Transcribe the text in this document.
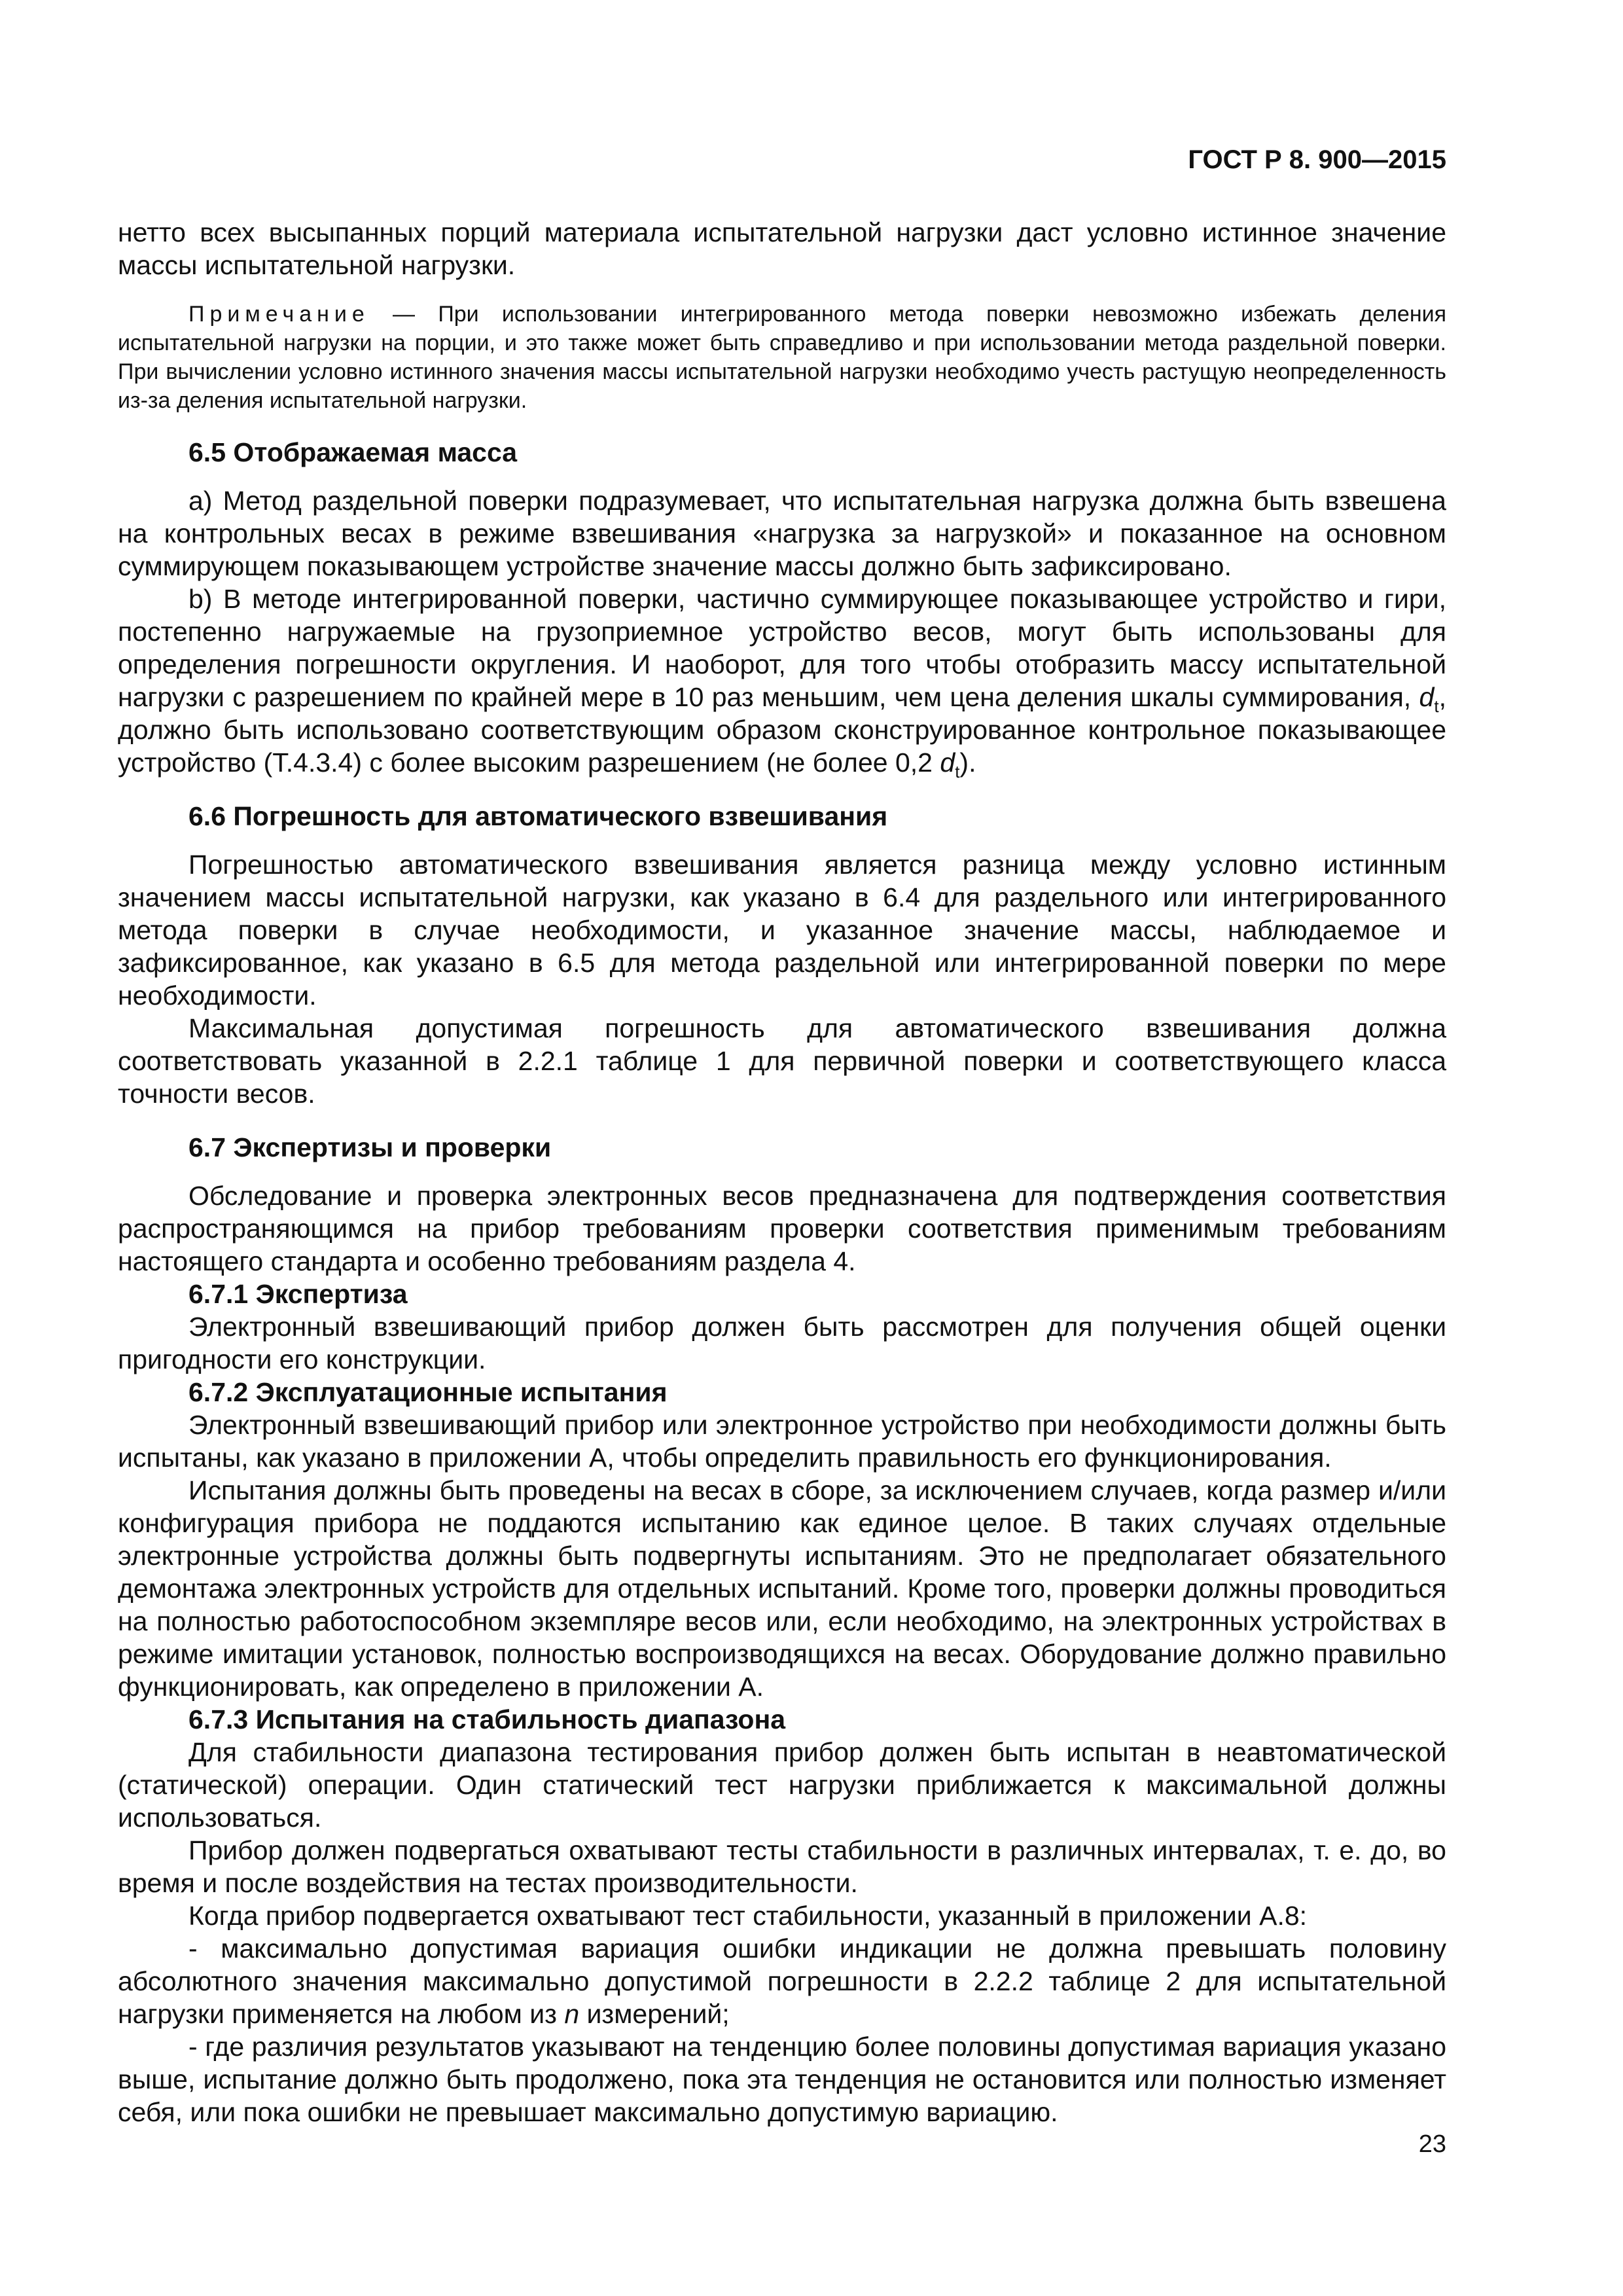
ГОСТ Р 8. 900—2015

нетто всех высыпанных порций материала испытательной нагрузки даст условно истинное значение массы испытательной нагрузки.

Примечание — При использовании интегрированного метода поверки невозможно избежать деления испытательной нагрузки на порции, и это также может быть справедливо и при использовании метода раздельной поверки. При вычислении условно истинного значения массы испытательной нагрузки необходимо учесть растущую неопределенность из-за деления испытательной нагрузки.
6.5 Отображаемая масса

a) Метод раздельной поверки подразумевает, что испытательная нагрузка должна быть взвешена на контрольных весах в режиме взвешивания «нагрузка за нагрузкой» и показанное на основном суммирующем показывающем устройстве значение массы должно быть зафиксировано.

b) В методе интегрированной поверки, частично суммирующее показывающее устройство и гири, постепенно нагружаемые на грузоприемное устройство весов, могут быть использованы для определения погрешности округления. И наоборот, для того чтобы отобразить массу испытательной нагрузки с разрешением по крайней мере в 10 раз меньшим, чем цена деления шкалы суммирования, $d_t$, должно быть использовано соответствующим образом сконструированное контрольное показывающее устройство (Т.4.3.4) с более высоким разрешением (не более 0,2 $d_t$).

6.6 Погрешность для автоматического взвешивания

Погрешностью автоматического взвешивания является разница между условно истинным значением массы испытательной нагрузки, как указано в 6.4 для раздельного или интегрированного метода поверки в случае необходимости, и указанное значение массы, наблюдаемое и зафиксированное, как указано в 6.5 для метода раздельной или интегрированной поверки по мере необходимости.

Максимальная допустимая погрешность для автоматического взвешивания должна соответствовать указанной в 2.2.1 таблице 1 для первичной поверки и соответствующего класса точности весов.

6.7 Экспертизы и проверки

Обследование и проверка электронных весов предназначена для подтверждения соответствия распространяющимся на прибор требованиям проверки соответствия применимым требованиям настоящего стандарта и особенно требованиям раздела 4.

6.7.1 Экспертиза

Электронный взвешивающий прибор должен быть рассмотрен для получения общей оценки пригодности его конструкции.

6.7.2 Эксплуатационные испытания

Электронный взвешивающий прибор или электронное устройство при необходимости должны быть испытаны, как указано в приложении А, чтобы определить правильность его функционирования.

Испытания должны быть проведены на весах в сборе, за исключением случаев, когда размер и/или конфигурация прибора не поддаются испытанию как единое целое. В таких случаях отдельные электронные устройства должны быть подвергнуты испытаниям. Это не предполагает обязательного демонтажа электронных устройств для отдельных испытаний. Кроме того, проверки должны проводиться на полностью работоспособном экземпляре весов или, если необходимо, на электронных устройствах в режиме имитации установок, полностью воспроизводящихся на весах. Оборудование должно правильно функционировать, как определено в приложении А.

6.7.3 Испытания на стабильность диапазона

Для стабильности диапазона тестирования прибор должен быть испытан в неавтоматической (статической) операции. Один статический тест нагрузки приближается к максимальной должны использоваться.

Прибор должен подвергаться охватывают тесты стабильности в различных интервалах, т. е. до, во время и после воздействия на тестах производительности.

Когда прибор подвергается охватывают тест стабильности, указанный в приложении А.8:

- максимально допустимая вариация ошибки индикации не должна превышать половину абсолютного значения максимально допустимой погрешности в 2.2.2 таблице 2 для испытательной нагрузки применяется на любом из n измерений;

- где различия результатов указывают на тенденцию более половины допустимая вариация указано выше, испытание должно быть продолжено, пока эта тенденция не остановится или полностью изменяет себя, или пока ошибки не превышает максимально допустимую вариацию.

23
